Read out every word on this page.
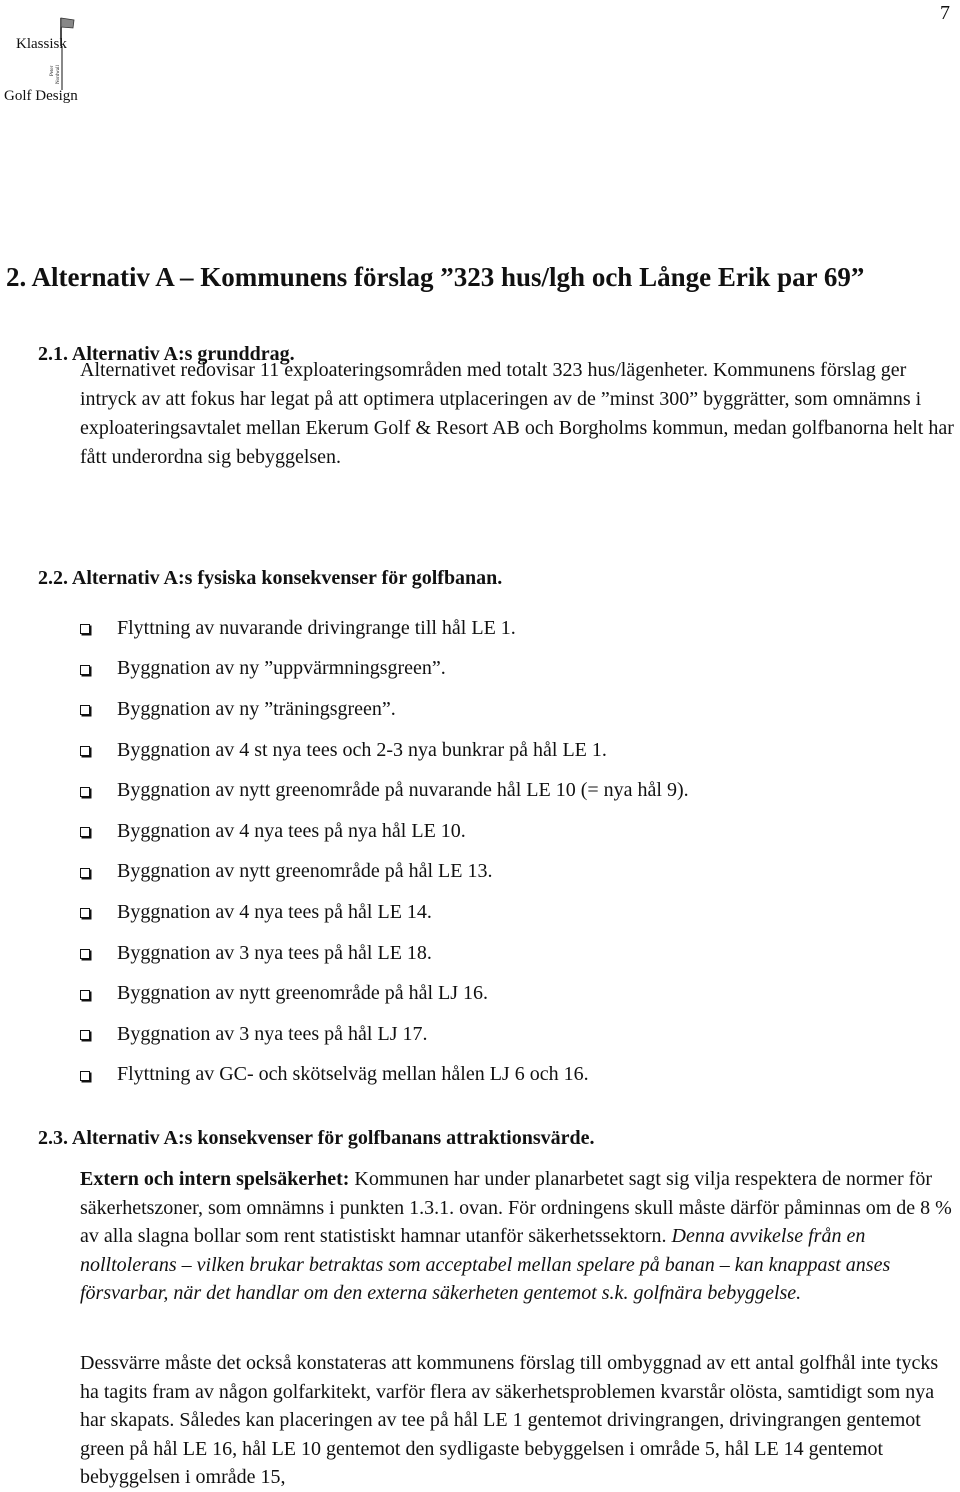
7
Klassisk
Golf Design
Peter Nordwall
2. Alternativ A – Kommunens förslag ”323 hus/lgh och Långe Erik par 69”
2.1. Alternativ A:s grunddrag.

Alternativet redovisar 11 exploateringsområden med totalt 323 hus/lägenheter. Kommunens förslag ger intryck av att fokus har legat på att optimera utplaceringen av de ”minst 300” byggrätter, som omnämns i exploateringsavtalet mellan Ekerum Golf & Resort AB och Borgholms kommun, medan golfbanorna helt har fått underordna sig bebyggelsen.

2.2. Alternativ A:s fysiska konsekvenser för golfbanan.
Flyttning av nuvarande drivingrange till hål LE 1.
Byggnation av ny ”uppvärmningsgreen”.
Byggnation av ny ”träningsgreen”.
Byggnation av 4 st nya tees och 2-3 nya bunkrar på hål LE 1.
Byggnation av nytt greenområde på nuvarande hål LE 10 (= nya hål 9).
Byggnation av 4 nya tees på nya hål LE 10.
Byggnation av nytt greenområde på hål LE 13.
Byggnation av 4 nya tees på hål LE 14.
Byggnation av 3 nya tees på hål LE 18.
Byggnation av nytt greenområde på hål LJ 16.
Byggnation av 3 nya tees på hål LJ 17.
Flyttning av GC- och skötselväg mellan hålen LJ 6 och 16.
2.3. Alternativ A:s konsekvenser för golfbanans attraktionsvärde.

Extern och intern spelsäkerhet: Kommunen har under planarbetet sagt sig vilja respektera de normer för säkerhetszoner, som omnämns i punkten 1.3.1. ovan. För ordningens skull måste därför påminnas om de 8 % av alla slagna bollar som rent statistiskt hamnar utanför säkerhetssektorn. Denna avvikelse från en nolltolerans – vilken brukar betraktas som acceptabel mellan spelare på banan – kan knappast anses försvarbar, när det handlar om den externa säkerheten gentemot s.k. golfnära bebyggelse.

Dessvärre måste det också konstateras att kommunens förslag till ombyggnad av ett antal golfhål inte tycks ha tagits fram av någon golfarkitekt, varför flera av säkerhetsproblemen kvarstår olösta, samtidigt som nya har skapats. Således kan placeringen av tee på hål LE 1 gentemot drivingrangen, drivingrangen gentemot green på hål LE 16, hål LE 10 gentemot den sydligaste bebyggelsen i område 5, hål LE 14 gentemot bebyggelsen i område 15,
